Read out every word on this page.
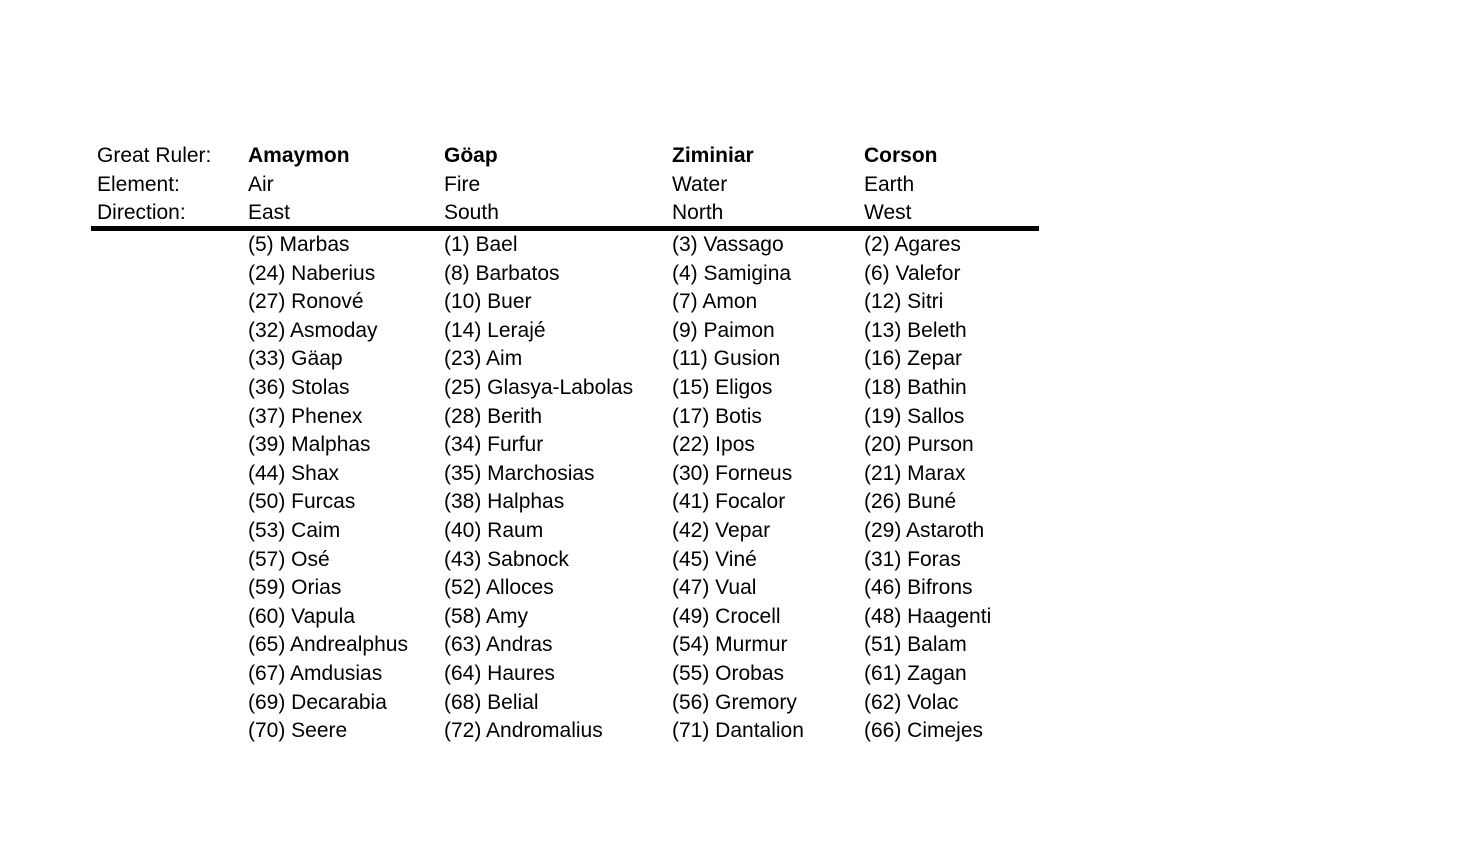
Great Ruler:
Element:
Direction:
Amaymon
Air
East
(5) Marbas
(24) Naberius
(27) Ronové
(32) Asmoday
(33) Gäap
(36) Stolas
(37) Phenex
(39) Malphas
(44) Shax
(50) Furcas
(53) Caim
(57) Osé
(59) Orias
(60) Vapula
(65) Andrealphus
(67) Amdusias
(69) Decarabia
(70) Seere
Göap
Fire
South
(1) Bael
(8) Barbatos
(10) Buer
(14) Lerajé
(23) Aim
(25) Glasya-Labolas
(28) Berith
(34) Furfur
(35) Marchosias
(38) Halphas
(40) Raum
(43) Sabnock
(52) Alloces
(58) Amy
(63) Andras
(64) Haures
(68) Belial
(72) Andromalius
Ziminiar
Water
North
(3) Vassago
(4) Samigina
(7) Amon
(9) Paimon
(11) Gusion
(15) Eligos
(17) Botis
(22) Ipos
(30) Forneus
(41) Focalor
(42) Vepar
(45) Viné
(47) Vual
(49) Crocell
(54) Murmur
(55) Orobas
(56) Gremory
(71) Dantalion
Corson
Earth
West
(2) Agares
(6) Valefor
(12) Sitri
(13) Beleth
(16) Zepar
(18) Bathin
(19) Sallos
(20) Purson
(21) Marax
(26) Buné
(29) Astaroth
(31) Foras
(46) Bifrons
(48) Haagenti
(51) Balam
(61) Zagan
(62) Volac
(66) Cimejes
